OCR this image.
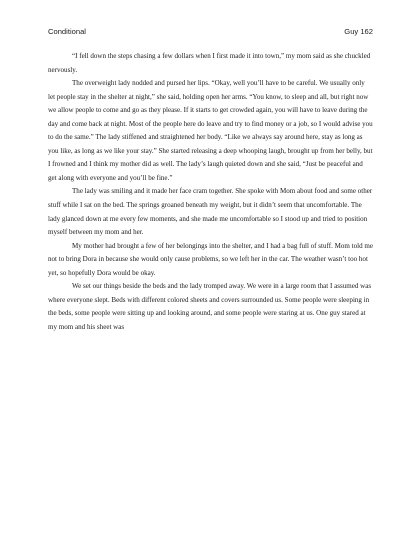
Conditional	Guy 162

“I fell down the steps chasing a few dollars when I first made it into town,” my mom said as she chuckled nervously.

The overweight lady nodded and pursed her lips. “Okay, well you’ll have to be careful. We usually only let people stay in the shelter at night,” she said, holding open her arms. “You know, to sleep and all, but right now we allow people to come and go as they please. If it starts to get crowded again, you will have to leave during the day and come back at night. Most of the people here do leave and try to find money or a job, so I would advise you to do the same.” The lady stiffened and straightened her body. “Like we always say around here, stay as long as you like, as long as we like your stay.” She started releasing a deep whooping laugh, brought up from her belly, but I frowned and I think my mother did as well. The lady’s laugh quieted down and she said, “Just be peaceful and get along with everyone and you’ll be fine.”

The lady was smiling and it made her face cram together. She spoke with Mom about food and some other stuff while I sat on the bed. The springs groaned beneath my weight, but it didn’t seem that uncomfortable. The lady glanced down at me every few moments, and she made me uncomfortable so I stood up and tried to position myself between my mom and her.

My mother had brought a few of her belongings into the shelter, and I had a bag full of stuff. Mom told me not to bring Dora in because she would only cause problems, so we left her in the car. The weather wasn’t too hot yet, so hopefully Dora would be okay.

We set our things beside the beds and the lady tromped away. We were in a large room that I assumed was where everyone slept. Beds with different colored sheets and covers surrounded us. Some people were sleeping in the beds, some people were sitting up and looking around, and some people were staring at us. One guy stared at my mom and his sheet was
